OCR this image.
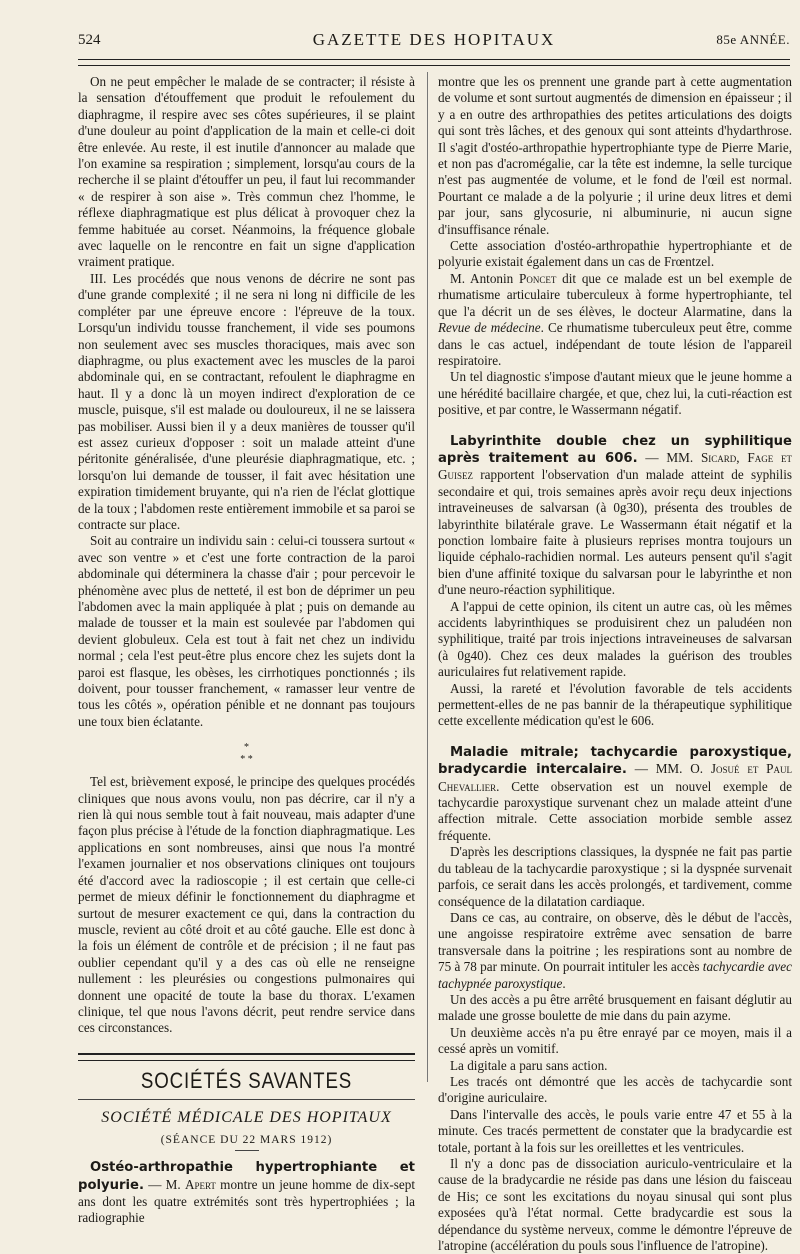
524	GAZETTE DES HOPITAUX	85e ANNÉE.

On ne peut empêcher le malade de se contracter; il résiste à la sensation d'étouffement que produit le refoulement du diaphragme, il respire avec ses côtes supérieures, il se plaint d'une douleur au point d'application de la main et celle-ci doit être enlevée. Au reste, il est inutile d'annoncer au malade que l'on examine sa respiration ; simplement, lorsqu'au cours de la recherche il se plaint d'étouffer un peu, il faut lui recommander « de respirer à son aise ». Très commun chez l'homme, le réflexe diaphragmatique est plus délicat à provoquer chez la femme habituée au corset. Néanmoins, la fréquence globale avec laquelle on le rencontre en fait un signe d'application vraiment pratique.

III. Les procédés que nous venons de décrire ne sont pas d'une grande complexité ; il ne sera ni long ni difficile de les compléter par une épreuve encore : l'épreuve de la toux. Lorsqu'un individu tousse franchement, il vide ses poumons non seulement avec ses muscles thoraciques, mais avec son diaphragme, ou plus exactement avec les muscles de la paroi abdominale qui, en se contractant, refoulent le diaphragme en haut. Il y a donc là un moyen indirect d'exploration de ce muscle, puisque, s'il est malade ou douloureux, il ne se laissera pas mobiliser. Aussi bien il y a deux manières de tousser qu'il est assez curieux d'opposer : soit un malade atteint d'une péritonite généralisée, d'une pleurésie diaphragmatique, etc. ; lorsqu'on lui demande de tousser, il fait avec hésitation une expiration timidement bruyante, qui n'a rien de l'éclat glottique de la toux ; l'abdomen reste entièrement immobile et sa paroi se contracte sur place.

Soit au contraire un individu sain : celui-ci toussera surtout « avec son ventre » et c'est une forte contraction de la paroi abdominale qui déterminera la chasse d'air ; pour percevoir le phénomène avec plus de netteté, il est bon de déprimer un peu l'abdomen avec la main appliquée à plat ; puis on demande au malade de tousser et la main est soulevée par l'abdomen qui devient globuleux. Cela est tout à fait net chez un individu normal ; cela l'est peut-être plus encore chez les sujets dont la paroi est flasque, les obèses, les cirrhotiques ponctionnés ; ils doivent, pour tousser franchement, « ramasser leur ventre de tous les côtés », opération pénible et ne donnant pas toujours une toux bien éclatante.

*
* *

Tel est, brièvement exposé, le principe des quelques procédés cliniques que nous avons voulu, non pas décrire, car il n'y a rien là qui nous semble tout à fait nouveau, mais adapter d'une façon plus précise à l'étude de la fonction diaphragmatique. Les applications en sont nombreuses, ainsi que nous l'a montré l'examen journalier et nos observations cliniques ont toujours été d'accord avec la radioscopie ; il est certain que celle-ci permet de mieux définir le fonctionnement du diaphragme et surtout de mesurer exactement ce qui, dans la contraction du muscle, revient au côté droit et au côté gauche. Elle est donc à la fois un élément de contrôle et de précision ; il ne faut pas oublier cependant qu'il y a des cas où elle ne renseigne nullement : les pleurésies ou congestions pulmonaires qui donnent une opacité de toute la base du thorax. L'examen clinique, tel que nous l'avons décrit, peut rendre service dans ces circonstances.

SOCIÉTÉS SAVANTES
SOCIÉTÉ MÉDICALE DES HOPITAUX
(SÉANCE DU 22 MARS 1912)

Ostéo-arthropathie hypertrophiante et polyurie. — M. Apert montre un jeune homme de dix-sept ans dont les quatre extrémités sont très hypertrophiées ; la radiographie

montre que les os prennent une grande part à cette augmentation de volume et sont surtout augmentés de dimension en épaisseur ; il y a en outre des arthropathies des petites articulations des doigts qui sont très lâches, et des genoux qui sont atteints d'hydarthrose. Il s'agit d'ostéo-arthropathie hypertrophiante type de Pierre Marie, et non pas d'acromégalie, car la tête est indemne, la selle turcique n'est pas augmentée de volume, et le fond de l'œil est normal. Pourtant ce malade a de la polyurie ; il urine deux litres et demi par jour, sans glycosurie, ni albuminurie, ni aucun signe d'insuffisance rénale.

Cette association d'ostéo-arthropathie hypertrophiante et de polyurie existait également dans un cas de Frœntzel.

M. Antonin Poncet dit que ce malade est un bel exemple de rhumatisme articulaire tuberculeux à forme hypertrophiante, tel que l'a décrit un de ses élèves, le docteur Alarmatine, dans la Revue de médecine. Ce rhumatisme tuberculeux peut être, comme dans le cas actuel, indépendant de toute lésion de l'appareil respiratoire.

Un tel diagnostic s'impose d'autant mieux que le jeune homme a une hérédité bacillaire chargée, et que, chez lui, la cuti-réaction est positive, et par contre, le Wassermann négatif.

Labyrinthite double chez un syphilitique après traitement au 606. — MM. Sicard, Fage et Guisez rapportent l'observation d'un malade atteint de syphilis secondaire et qui, trois semaines après avoir reçu deux injections intraveineuses de salvarsan (à 0g30), présenta des troubles de labyrinthite bilatérale grave. Le Wassermann était négatif et la ponction lombaire faite à plusieurs reprises montra toujours un liquide céphalo-rachidien normal. Les auteurs pensent qu'il s'agit bien d'une affinité toxique du salvarsan pour le labyrinthe et non d'une neuro-réaction syphilitique.

A l'appui de cette opinion, ils citent un autre cas, où les mêmes accidents labyrinthiques se produisirent chez un paludéen non syphilitique, traité par trois injections intraveineuses de salvarsan (à 0g40). Chez ces deux malades la guérison des troubles auriculaires fut relativement rapide.

Aussi, la rareté et l'évolution favorable de tels accidents permettent-elles de ne pas bannir de la thérapeutique syphilitique cette excellente médication qu'est le 606.

Maladie mitrale; tachycardie paroxystique, bradycardie intercalaire. — MM. O. Josué et Paul Chevallier. Cette observation est un nouvel exemple de tachycardie paroxystique survenant chez un malade atteint d'une affection mitrale. Cette association morbide semble assez fréquente.

D'après les descriptions classiques, la dyspnée ne fait pas partie du tableau de la tachycardie paroxystique ; si la dyspnée survenait parfois, ce serait dans les accès prolongés, et tardivement, comme conséquence de la dilatation cardiaque.

Dans ce cas, au contraire, on observe, dès le début de l'accès, une angoisse respiratoire extrême avec sensation de barre transversale dans la poitrine ; les respirations sont au nombre de 75 à 78 par minute. On pourrait intituler les accès tachycardie avec tachypnée paroxystique.

Un des accès a pu être arrêté brusquement en faisant déglutir au malade une grosse boulette de mie dans du pain azyme.

Un deuxième accès n'a pu être enrayé par ce moyen, mais il a cessé après un vomitif.

La digitale a paru sans action.

Les tracés ont démontré que les accès de tachycardie sont d'origine auriculaire.

Dans l'intervalle des accès, le pouls varie entre 47 et 55 à la minute. Ces tracés permettent de constater que la bradycardie est totale, portant à la fois sur les oreillettes et les ventricules.

Il n'y a donc pas de dissociation auriculo-ventriculaire et la cause de la bradycardie ne réside pas dans une lésion du faisceau de His; ce sont les excitations du noyau sinusal qui sont plus exposées qu'à l'état normal. Cette bradycardie est sous la dépendance du système nerveux, comme le démontre l'épreuve de l'atropine (accélération du pouls sous l'influence de l'atropine).
